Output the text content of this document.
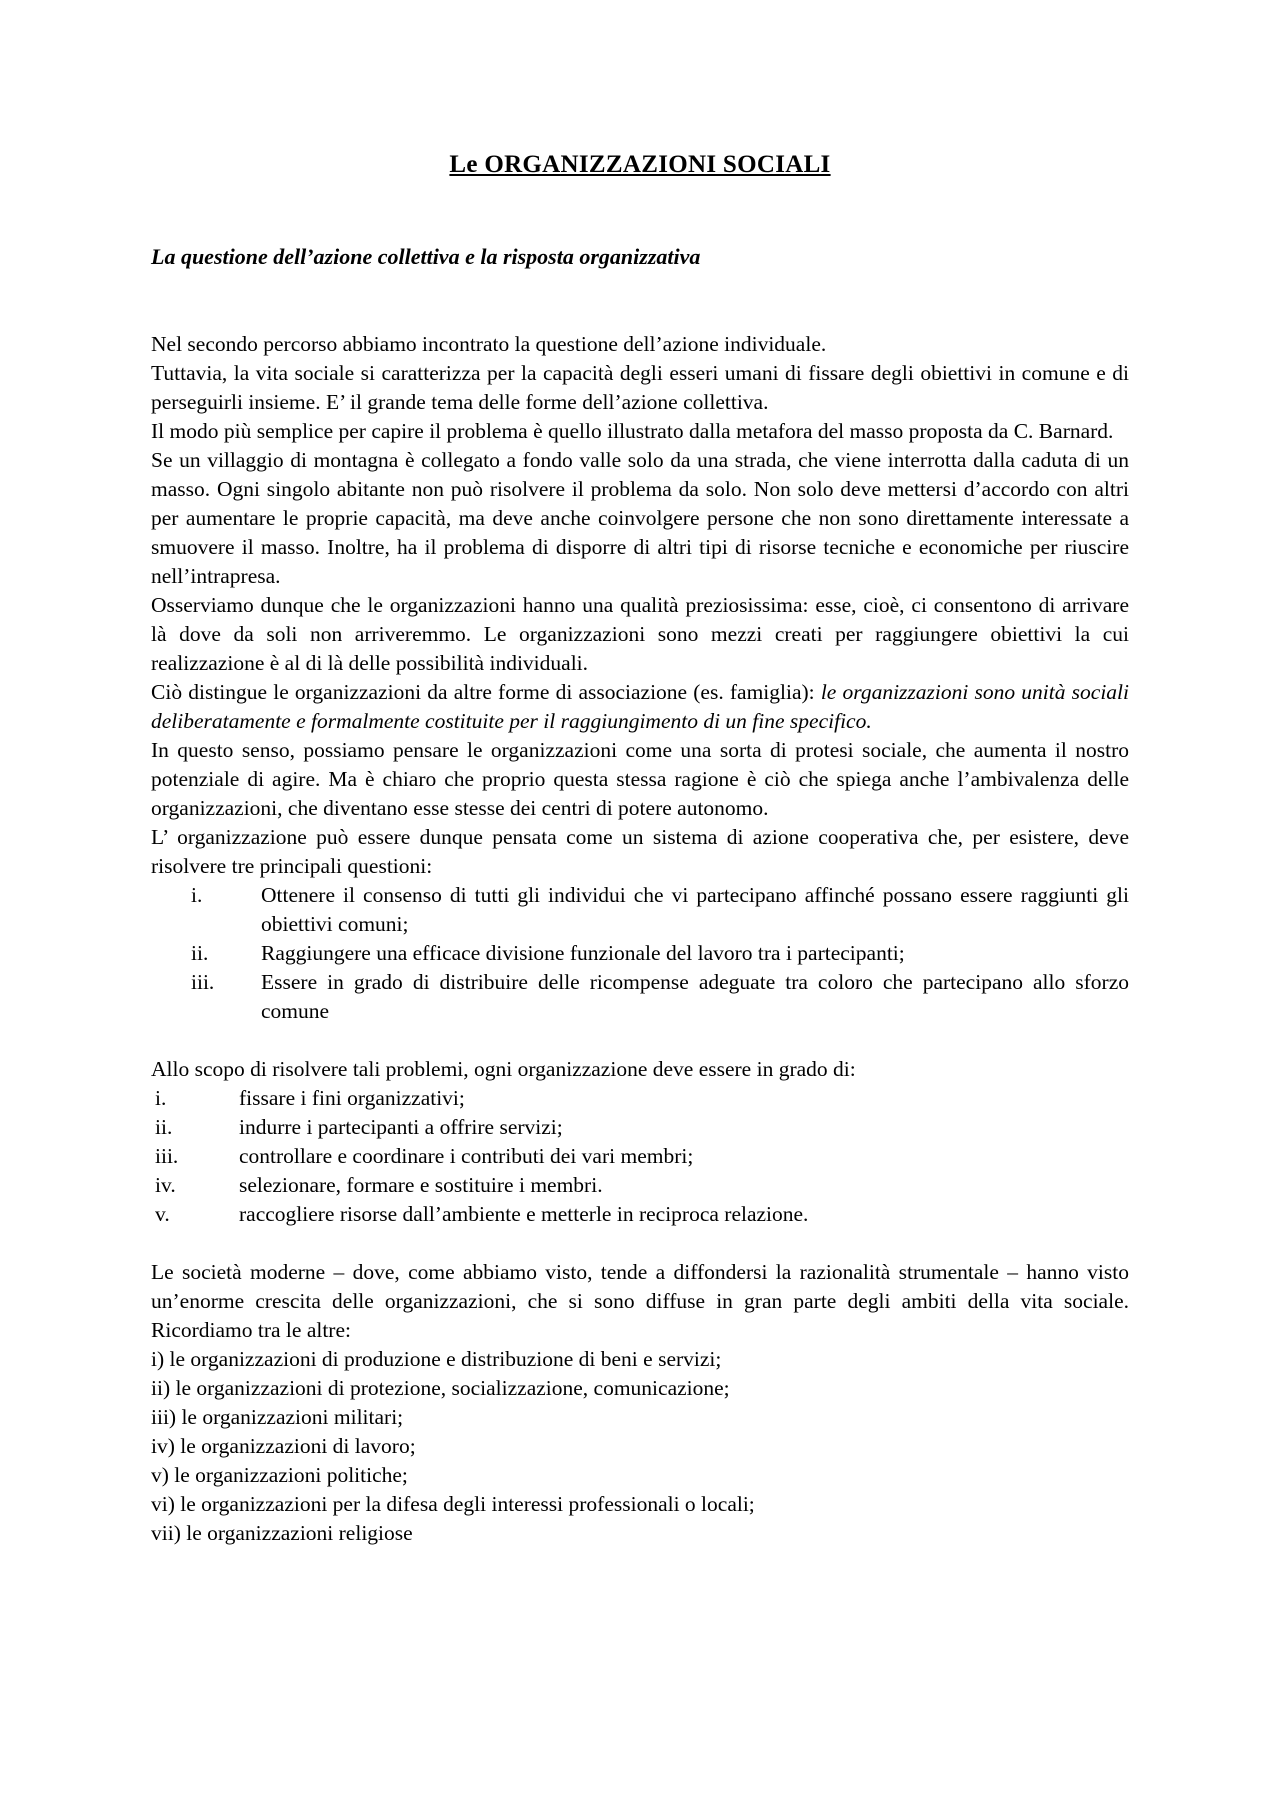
Le ORGANIZZAZIONI SOCIALI
La questione dell’azione collettiva e la risposta organizzativa

Nel secondo percorso abbiamo incontrato la questione dell’azione individuale.

Tuttavia, la vita sociale si caratterizza per la capacità degli esseri umani di fissare degli obiettivi in comune e di perseguirli insieme. E’ il grande tema delle forme dell’azione collettiva.

Il modo più semplice per capire il problema è quello illustrato dalla metafora del masso proposta da C. Barnard.

Se un villaggio di montagna è collegato a fondo valle solo da una strada, che viene interrotta dalla caduta di un masso. Ogni singolo abitante non può risolvere il problema da solo. Non solo deve mettersi d’accordo con altri per aumentare le proprie capacità, ma deve anche coinvolgere persone che non sono direttamente interessate a smuovere il masso. Inoltre, ha il problema di disporre di altri tipi di risorse tecniche e economiche per riuscire nell’intrapresa.

Osserviamo dunque che le organizzazioni hanno una qualità preziosissima: esse, cioè, ci consentono di arrivare là dove da soli non arriveremmo. Le organizzazioni sono mezzi creati per raggiungere obiettivi la cui realizzazione è al di là delle possibilità individuali.

Ciò distingue le organizzazioni da altre forme di associazione (es. famiglia): le organizzazioni sono unità sociali deliberatamente e formalmente costituite per il raggiungimento di un fine specifico.

In questo senso, possiamo pensare le organizzazioni come una sorta di protesi sociale, che aumenta il nostro potenziale di agire. Ma è chiaro che proprio questa stessa ragione è ciò che spiega anche l’ambivalenza delle organizzazioni, che diventano esse stesse dei centri di potere autonomo.

L’ organizzazione può essere dunque pensata come un sistema di azione cooperativa che, per esistere, deve risolvere tre principali questioni:

i.	Ottenere il consenso di tutti gli individui che vi partecipano affinché possano essere raggiunti gli obiettivi comuni;
ii.	Raggiungere una efficace divisione funzionale del lavoro tra i partecipanti;
iii.	Essere in grado di distribuire delle ricompense adeguate tra coloro che partecipano allo sforzo comune

Allo scopo di risolvere tali problemi, ogni organizzazione deve essere in grado di:

i.	fissare i fini organizzativi;
ii.	indurre i partecipanti a offrire servizi;
iii.	controllare e coordinare i contributi dei vari membri;
iv.	selezionare, formare e sostituire i membri.
v.	raccogliere risorse dall’ambiente e metterle in reciproca relazione.

Le società moderne – dove, come abbiamo visto, tende a diffondersi la razionalità strumentale – hanno visto un’enorme crescita delle organizzazioni, che si sono diffuse in gran parte degli ambiti della vita sociale. Ricordiamo tra le altre:

i) le organizzazioni di produzione e distribuzione di beni e servizi;

ii) le organizzazioni di protezione, socializzazione, comunicazione;

iii) le organizzazioni militari;

iv) le organizzazioni di lavoro;

v) le organizzazioni politiche;

vi) le organizzazioni per la difesa degli interessi professionali o locali;

vii) le organizzazioni religiose
